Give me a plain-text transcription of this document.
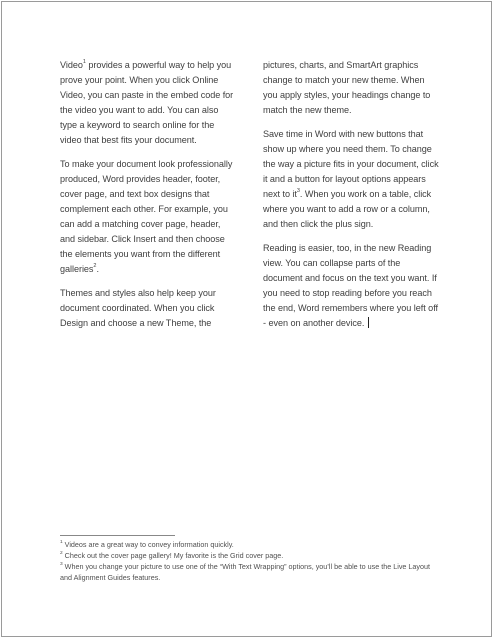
Video$^1$ provides a powerful way to help you prove your point. When you click Online Video, you can paste in the embed code for the video you want to add. You can also type a keyword to search online for the video that best fits your document.

To make your document look professionally produced, Word provides header, footer, cover page, and text box designs that complement each other. For example, you can add a matching cover page, header, and sidebar. Click Insert and then choose the elements you want from the different galleries$^2$.

Themes and styles also help keep your document coordinated. When you click Design and choose a new Theme, the

pictures, charts, and SmartArt graphics change to match your new theme. When you apply styles, your headings change to match the new theme.

Save time in Word with new buttons that show up where you need them. To change the way a picture fits in your document, click it and a button for layout options appears next to $it^3$. When you work on a table, click where you want to add a row or a column, and then click the plus sign.

Reading is easier, too, in the new Reading view. You can collapse parts of the document and focus on the text you want. If you need to stop reading before you reach the end, Word remembers where you left off - even on another device.

$^1$ Videos are a great way to convey information quickly.
$^2$ Check out the cover page gallery! My favorite is the Grid cover page.
$^3$ When you change your picture to use one of the “With Text Wrapping” options, you’ll be able to use the Live Layout and Alignment Guides features.
